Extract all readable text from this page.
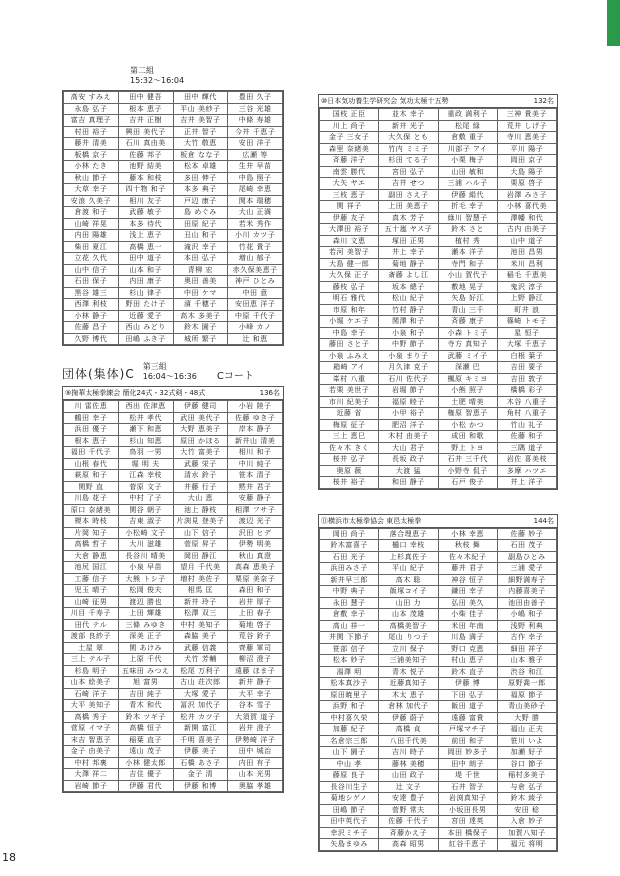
第二組
15:32～16:04
高安 すみえ	田中 健吾	田中 輝代	豊田 久子
永島 弘子	根本 恵子	平山 美紗子	三谷 光雄
富吉 真理子	吉井 正樹	吉井 美智子	中條 寿雄
村田 裕子	興田 美代子	正井 智子	今井 千恵子
藤井 清美	石川 真由美	大竹 敬恵	安田 洋子
板橋 京子	佐藤 邦子	板倉 なな子	広瀬 等
小林 たき	池野 結美	松本 卓雄	生井 早苗
秋山 節子	藤本 和枝	多田 伸子	中島 照子
大草 幸子	四十物 和子	本多 典子	尾崎 幸恵
安浪 久美子	相川 友子	戸辺 康子	関本 瑞穂
倉渡 和子	武藤 敏子	島 めぐみ	大山 正満
山崎 祥晃	本多 待代	田原 紀子	若米 秀作
内田 陽雄	浅上 恵子	丑山 和子	小川 カツ子
柴田 夏江	高橋 恵一	滝沢 幸子	竹花 貴子
立花 久代	田中 道子	本田 弘子	増山 郁子
山中 信子	山本 和子	青柳 宏	赤久保美恵子
石田 保子	内田 康子	奥田 善美	神戸 ひとみ
黒谷 雄三	杉山 律子	中田 ケマ	中田 意
西澤 利枝	野田 たけ子	濱 千穂子	安田恵 洋子
小林 静子	近藤 愛子	高木 多美子	中原 千代子
佐藤 昌子	西山 みどり	鈴木 園子	小峰 カノ
久野 博代	田嶋 ふき子	城所 繁子	辻 和恵
団体(集体)C
第三組
16:04～16:36 Cコート
⑨掬華太極拳練会
簡化24式・32式剣・48式	136名
川 雷佐恵	西出 佐津恵	伊藤 健司	小岩 陸子
鶴田 幸子	松井 孝代	武田 美代子	佐藤 ゆき子
浜田 優子	瀬下 和恵	大野 恵美子	岸本 静子
根本 恵子	杉山 知恵	原田 かほる	新井山 清美
福田 千代子	鳥羽 一男	大竹 富美子	相川 和子
山根 春代	堀 明 夫	武藤 栄子	中川 純子
萩原 和子	江森 幸枝	清水 鈴子	笹本 清子
関野 直	菅原 文子	井藤 行子	黙井 君子
川島 花子	中村 了子	大山 恵	安藤 静子
原口 奈緒美	関谷 朝子	池上 静枝	相澤 フサ子
榎本 時枝	吉東 淑子	片渕見 登美子	渡辺 光子
片岡 知子	小松崎 文子	山下 信子	沢田 ヒデ
高橋 哲子	大川 滋雄	菅原 昇子	伊勢 明美
大倉 静恵	長谷川 晴美	岡田 静江	秋山 真澄
池尻 国江	小泉 早苗	望月 千代美	高森 恵美子
工藤 信子	大熊 トシ子	増村 美佐子	栗原 美奈子
児玉 晴子	松岡 俊夫	相馬 匡	森田 和子
山崎 征男	渡辺 勝也	新井 玲子	岩井 厚子
川目 千寿子	上田 輝雄	松澤 双三	上田 春子
田代 テル	三條 みゆき	中村 美知子	菊地 啓子
渡部 良紗子	深美 正子	森脇 美子	荒谷 鈴子
土屋 翠	関 あけみ	武藤 信義	齊藤 軍司
三上 テル子	上原 千代	犬竹 芳輔	柳沼 澄子
杉島 明子	五味田 みつえ	松尾 万利子	遠藤 ほま子
山本 絵美子	旭 富男	古山 荘次郎	新井 静子
石崎 洋子	吉田 純子	大塚 愛子	大平 幸子
大平 美知子	青木 和代	冨沢 加代子	谷本 雪子
高橋 秀子	鈴木 ツギ子	松井 カツ子	大須賀 道子
菅原 イマ子	高橋 恒子	新開 富江	岩井 澄子
末吉 智恵子	稲葉 直子	千明 喜美子	伊勢崎 洋子
金子 由美子	遠山 茂子	伊藤 美子	田中 城治
中村 邦裏	小林 健太郎	石橋 あさ子	内田 有子
大澤 祥二	吉住 優子	金子 清	山本 光男
岩崎 節子	伊藤 君代	伊藤 和博	奥脇 孝雄
⑩日本気功養生学研究会
気功太極十五勢	132名
国枝 正臣	並木 幸子	重政 満利子	三神 貴美子
川上 尚子	新井 光子	松尾 緑	荒井 しげ子
金子 三女子	大久保 とも	倉敷 重子	寺川 恵美子
森里 奈緒美	竹内 ミミ子	川部子 アイ	平川 陽子
斉藤 洋子	杉田 てる子	小栗 梅子	岡田 京子
南雲 勝代	宮田 弘子	山田 敏和	大島 陽子
大矢 ヤエ	吉井 せつ	三浦 ハル子	栗原 啓子
三枝 恵子	副田 さえ子	伊藤 絹代	岩澤 みさ子
関 祥子	上田 美恵子	折毛 幸子	小林 喜代美
伊藤 友子	真木 芳子	綠川 智慧子	澤幡 和代
大澤田 裕子	五十嵐 ヤス子	鈴木 さと	古内 由美子
森川 文恵	塚田 正男	植村 秀	山中 道子
若河 美智子	井上 幸子	瀬本 洋子	池田 昌男
大島 健一郎	菊地 静子	寺門 和子	米川 昌利
大久保 正子	斎藤 よし江	小山 賀代子	稲毛 千恵美
藤枝 弘子	坂本 總子	敷地 晃子	鬼沢 淳子
明石 雅代	松山 紀子	矢島 好江	上野 静江
市原 和年	竹村 静子	青山 三千	町井 浪
小堀 ケエ子	関澤 和子	斉藤 康子	篠崎 トモ子
中島 幸子	小泉 和子	小森 トミ子	星 恒子
藤田 さと子	中野 節子	寺方 真知子	大塚 千恵子
小泉 ふみえ	小泉 まり子	武藤 ミイ子	白根 葉子
箱崎 アイ	月久津 克子	深瀬 巴	吉田 要子
峯村 八重	石川 佐代子	楓原 キミヨ	吉田 敦子
若栗 美世子	岩堀 節子	小熊 照子	橋橋 彩子
市川 紀美子	福原 睦子	土肥 晴美	木谷 八重子
近藤 省	小甲 裕子	権原 智恵子	角村 八重子
梅原 征子	肥沼 洋子	小松 かつ	竹山 礼子
三上 恵巳	木村 由美子	成田 和歌	佐藤 和子
佐々木 きく	大山 君子	野上 トヨ	三隅 道子
桜井 弘子	長坂 政子	石井 三千代	岩佐 喜美枝
奥原 薇	大渡 猛	小野寺 侃子	多摩 ハツエ
桜井 裕子	和田 静子	石戸 俊子	井上 洋子
⑪横浜市太極拳協会
東邑太極拳	144名
岡田 尚子	落合理恵子	小林 幸恵	佐藤 妙子
鈴木富喜子	樋口 幸枝	秋枝 舞	石田 茂子
石田 光子	上杉真佐子	佐々木紀子	副島ひとみ
浜田みさ子	平山 紀子	藤井 君子	三浦 愛子
新井早三郎	高木 聡	神谷 恒子	細野満寿子
中野 典子	飯塚コイ子	鎌田 幸子	内藤喜美子
永田 慧子	山田 力	弘田 美久	池田由善子
倉敷 幸子	山本 茂雄	小柴 佳子	小嶋 和子
高山 祥一	高橋美智子	米田 年南	浅野 利典
井関 下節子	尾山 りつ子	川島 満子	古作 幸子
笹部 信子	立川 保子	野口 克恵	細田 祥子
松本 妙子	三浦美知子	村山 恵子	山本 雅子
湯澤 明	青木 悦子	鈴木 直子	渋谷 和江
松本真沙子	近藤真知子	伊藤 博	原野喬一郎
原田暁里子	木太 恵子	下田 弘子	福原 節子
浜野 和子	倉林 加代子	飯田 道子	青山美砂子
中村喜久栄	伊藤 蔚子	遠藤 富貴	大野 勝
加藤 紀子	高橋 貞	戸塚マチ子	福山 正夫
名倉宗三郎	八田千代美	前田 和子	笹川 いよ
山下 園子	吉川 時子	岡田 妙多子	加瀬 好子
中山 孝	藤林 美穂	田中 朗子	谷口 節子
藤原 良子	山田 政子	堤 千世	稲村多美子
長谷川生子	辻 文子	石井 智子	与倉 弘子
菊地シゲノ	安達 豊子	岩渕真知子	鈴木 綾子
田嶋 節子	菅野 常夫	小坂田長男	安田 稔
田中英代子	佐藤 千代子	宮田 達英	入倉 妙子
幸沢ミチ子	斉藤かえ子	本田 橋保子	加賀八知子
矢島まゆみ	高森 昭男	紅谷千恵子	福元 将明
18
